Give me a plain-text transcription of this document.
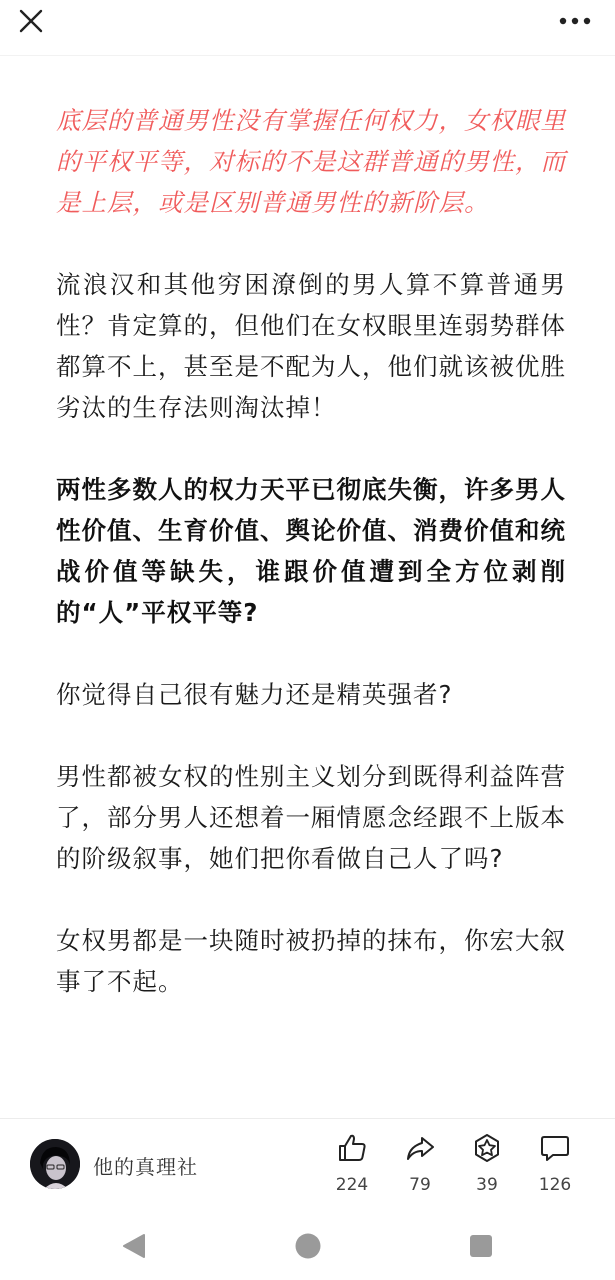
底层的普通男性没有掌握任何权力，女权眼里的平权平等，对标的不是这群普通的男性，而是上层，或是区别普通男性的新阶层。

流浪汉和其他穷困潦倒的男人算不算普通男性？肯定算的，但他们在女权眼里连弱势群体都算不上，甚至是不配为人，他们就该被优胜劣汰的生存法则淘汰掉！

两性多数人的权力天平已彻底失衡，许多男人性价值、生育价值、舆论价值、消费价值和统战价值等缺失，谁跟价值遭到全方位剥削的“人”平权平等?

你觉得自己很有魅力还是精英强者?

男性都被女权的性别主义划分到既得利益阵营了，部分男人还想着一厢情愿念经跟不上版本的阶级叙事，她们把你看做自己人了吗?

女权男都是一块随时被扔掉的抹布，你宏大叙事了不起。

他的真理社
224 79	39 126
